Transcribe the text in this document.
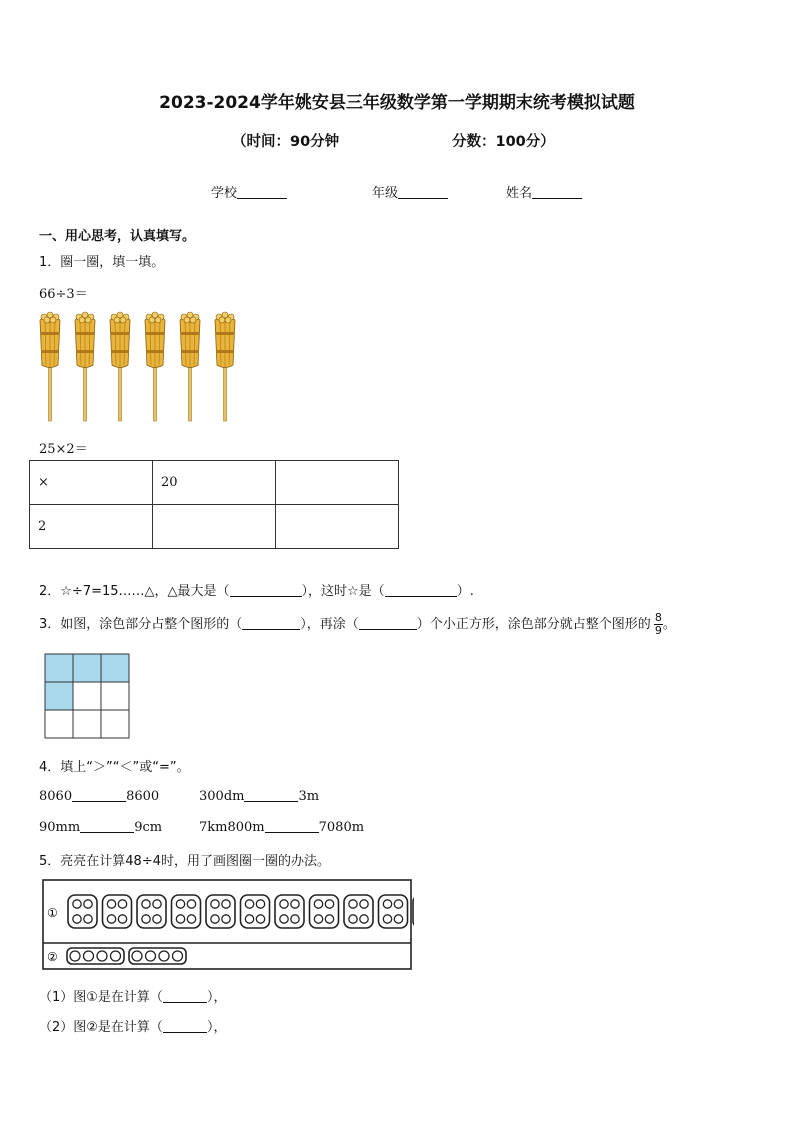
2023-2024学年姚安县三年级数学第一学期期末统考模拟试题
（时间：90分钟	分数：100分）
学校	年级	姓名
一、用心思考，认真填写。
1．圈一圈，填一填。
66÷3＝
25×2＝
×	20	
2		
2．☆÷7=15……△，△最大是（	），这时☆是（	）.
3．如图，涂色部分占整个图形的（	），再涂（	）个小正方形，涂色部分就占整个图形的 $\frac{8}{9}$ 。
4．填上“＞”“＜”或“=”。
8060	8600	300dm	3m
90mm	9cm	7km800m	7080m
5．亮亮在计算48÷4时，用了画图圈一圈的办法。
①
②
（1）图①是在计算（	），
（2）图②是在计算（	），
